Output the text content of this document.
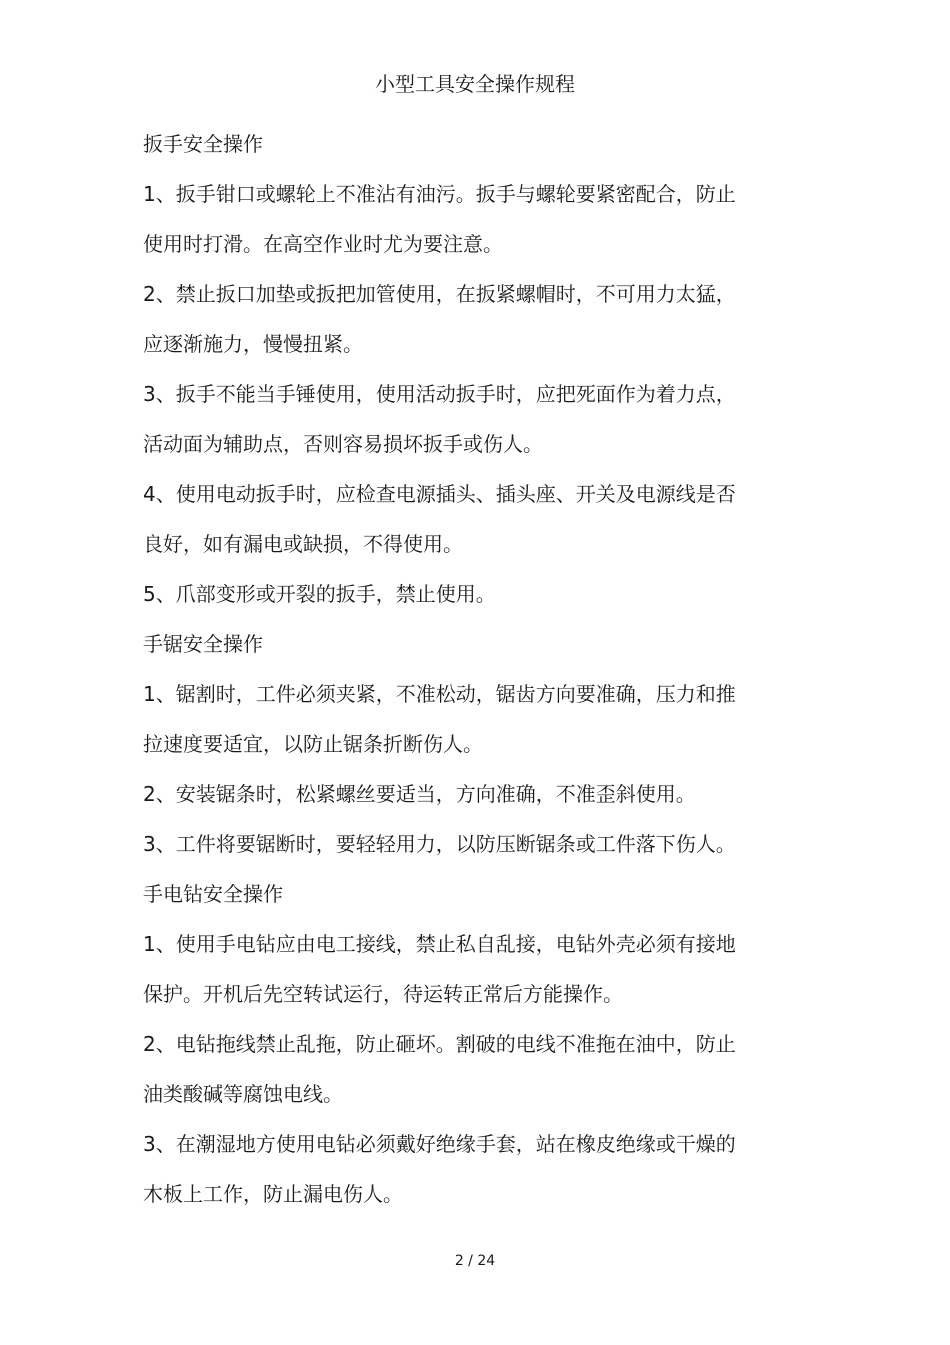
小型工具安全操作规程

扳手安全操作

1、扳手钳口或螺轮上不准沾有油污。扳手与螺轮要紧密配合，防止

使用时打滑。在高空作业时尤为要注意。

2、禁止扳口加垫或扳把加管使用，在扳紧螺帽时，不可用力太猛，

应逐渐施力，慢慢扭紧。

3、扳手不能当手锤使用，使用活动扳手时，应把死面作为着力点，

活动面为辅助点，否则容易损坏扳手或伤人。

4、使用电动扳手时，应检查电源插头、插头座、开关及电源线是否

良好，如有漏电或缺损，不得使用。

5、爪部变形或开裂的扳手，禁止使用。

手锯安全操作

1、锯割时，工件必须夹紧，不准松动，锯齿方向要准确，压力和推

拉速度要适宜，以防止锯条折断伤人。

2、安装锯条时，松紧螺丝要适当，方向准确，不准歪斜使用。

3、工件将要锯断时，要轻轻用力，以防压断锯条或工件落下伤人。

手电钻安全操作

1、使用手电钻应由电工接线，禁止私自乱接，电钻外壳必须有接地

保护。开机后先空转试运行，待运转正常后方能操作。

2、电钻拖线禁止乱拖，防止砸坏。割破的电线不准拖在油中，防止

油类酸碱等腐蚀电线。

3、在潮湿地方使用电钻必须戴好绝缘手套，站在橡皮绝缘或干燥的

木板上工作，防止漏电伤人。

2 / 24
